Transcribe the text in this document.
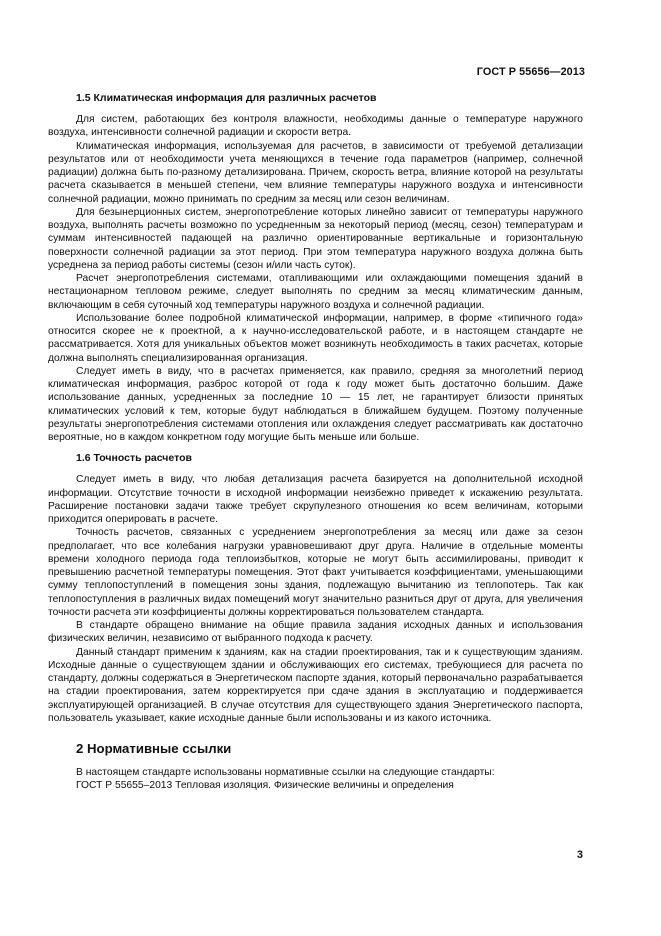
ГОСТ Р 55656—2013
1.5 Климатическая информация для различных расчетов

Для систем, работающих без контроля влажности, необходимы данные о температуре наружного воздуха, интенсивности солнечной радиации и скорости ветра.

Климатическая информация, используемая для расчетов, в зависимости от требуемой детализации результатов или от необходимости учета меняющихся в течение года параметров (например, солнечной радиации) должна быть по-разному детализирована. Причем, скорость ветра, влияние которой на результаты расчета сказывается в меньшей степени, чем влияние температуры наружного воздуха и интенсивности солнечной радиации, можно принимать по средним за месяц или сезон величинам.

Для безынерционных систем, энергопотребление которых линейно зависит от температуры наружного воздуха, выполнять расчеты возможно по усредненным за некоторый период (месяц, сезон) температурам и суммам интенсивностей падающей на различно ориентированные вертикальные и горизонтальную поверхности солнечной радиации за этот период. При этом температура наружного воздуха должна быть усреднена за период работы системы (сезон и/или часть суток).

Расчет энергопотребления системами, отапливающими или охлаждающими помещения зданий в нестационарном тепловом режиме, следует выполнять по средним за месяц климатическим данным, включающим в себя суточный ход температуры наружного воздуха и солнечной радиации.

Использование более подробной климатической информации, например, в форме «типичного года» относится скорее не к проектной, а к научно-исследовательской работе, и в настоящем стандарте не рассматривается. Хотя для уникальных объектов может возникнуть необходимость в таких расчетах, которые должна выполнять специализированная организация.

Следует иметь в виду, что в расчетах применяется, как правило, средняя за многолетний период климатическая информация, разброс которой от года к году может быть достаточно большим. Даже использование данных, усредненных за последние 10 — 15 лет, не гарантирует близости принятых климатических условий к тем, которые будут наблюдаться в ближайшем будущем. Поэтому полученные результаты энергопотребления системами отопления или охлаждения следует рассматривать как достаточно вероятные, но в каждом конкретном году могущие быть меньше или больше.

1.6 Точность расчетов

Следует иметь в виду, что любая детализация расчета базируется на дополнительной исходной информации. Отсутствие точности в исходной информации неизбежно приведет к искажению результата. Расширение постановки задачи также требует скрупулезного отношения ко всем величинам, которыми приходится оперировать в расчете.

Точность расчетов, связанных с усреднением энергопотребления за месяц или даже за сезон предполагает, что все колебания нагрузки уравновешивают друг друга. Наличие в отдельные моменты времени холодного периода года теплоизбытков, которые не могут быть ассимилированы, приводит к превышению расчетной температуры помещения. Этот факт учитывается коэффициентами, уменьшающими сумму теплопоступлений в помещения зоны здания, подлежащую вычитанию из теплопотерь. Так как теплопоступления в различных видах помещений могут значительно разниться друг от друга, для увеличения точности расчета эти коэффициенты должны корректироваться пользователем стандарта.

В стандарте обращено внимание на общие правила задания исходных данных и использования физических величин, независимо от выбранного подхода к расчету.

Данный стандарт применим к зданиям, как на стадии проектирования, так и к существующим зданиям. Исходные данные о существующем здании и обслуживающих его системах, требующиеся для расчета по стандарту, должны содержаться в Энергетическом паспорте здания, который первоначально разрабатывается на стадии проектирования, затем корректируется при сдаче здания в эксплуатацию и поддерживается эксплуатирующей организацией. В случае отсутствия для существующего здания Энергетического паспорта, пользователь указывает, какие исходные данные были использованы и из какого источника.

2 Нормативные ссылки

В настоящем стандарте использованы нормативные ссылки на следующие стандарты:

ГОСТ Р 55655–2013 Тепловая изоляция. Физические величины и определения

3
